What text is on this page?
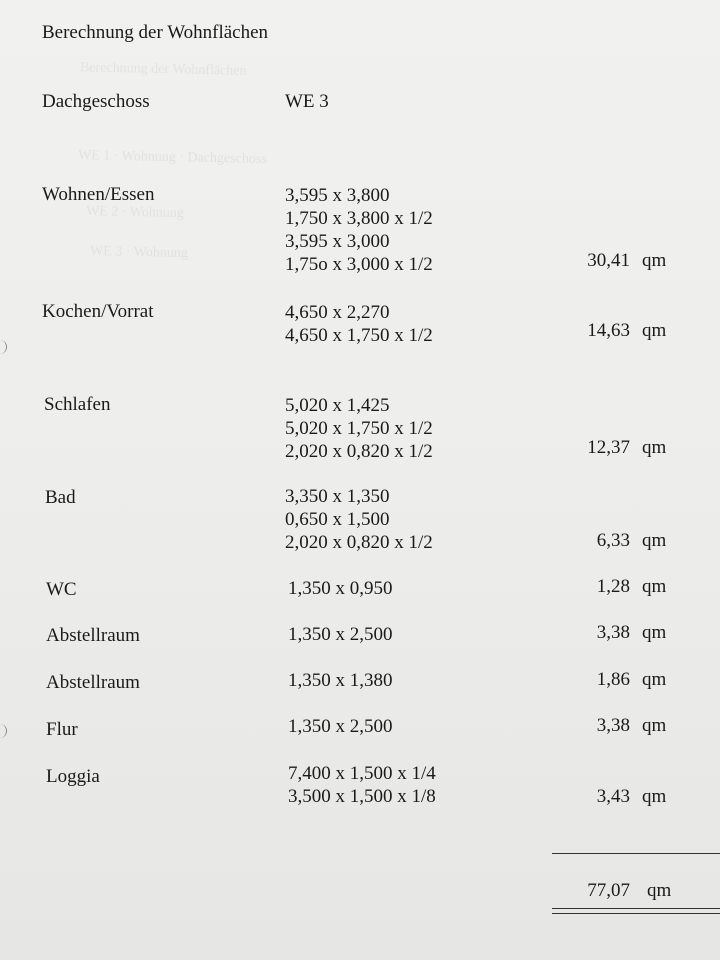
Berechnung der Wohnflächen
WE 1 · Wohnung · Dachgeschoss
WE 2 · Wohnung
WE 3 · Wohnung
Berechnung der Wohnflächen
Dachgeschoss	WE 3
Wohnen/Essen	3,595 x 3,800
1,750 x 3,800 x 1/2
3,595 x 3,000
1,75o x 3,000 x 1/2	30,41 qm
Kochen/Vorrat	4,650 x 2,270
4,650 x 1,750 x 1/2	14,63 qm
Schlafen	5,020 x 1,425
5,020 x 1,750 x 1/2
2,020 x 0,820 x 1/2	12,37 qm
Bad	3,350 x 1,350
0,650 x 1,500
2,020 x 0,820 x 1/2	6,33 qm
WC	1,350 x 0,950	1,28 qm
Abstellraum	1,350 x 2,500	3,38 qm
Abstellraum	1,350 x 1,380	1,86 qm
Flur	1,350 x 2,500	3,38 qm
Loggia	7,400 x 1,500 x 1/4
3,500 x 1,500 x 1/8	3,43 qm
77,07 qm
